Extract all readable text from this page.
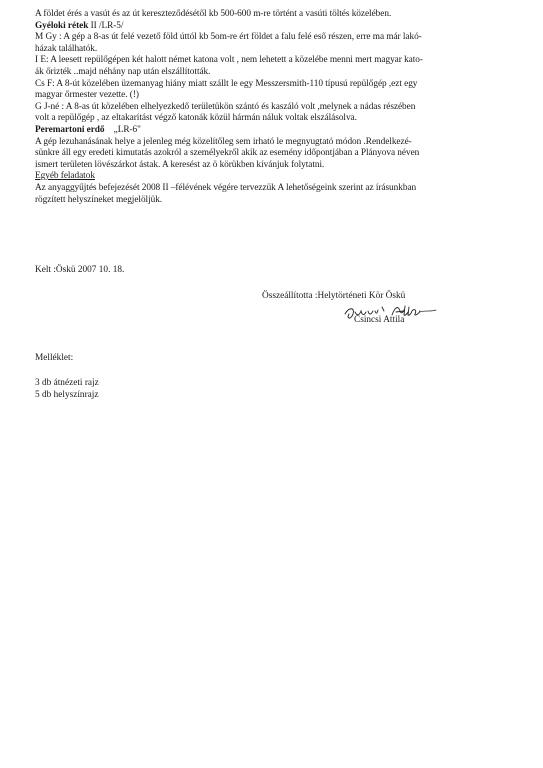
A földet érés a vasút és az út kereszteződésétől kb 500-600 m-re történt a vasúti töltés közelében.

Gyéloki rétek II /LR-5/

M Gy : A gép a 8-as út felé vezető föld úttól kb 5om-re ért földet a falu felé eső részen, erre ma már lakó-

házak találhatók.

I E: A leesett repülőgépen két halott német katona volt , nem lehetett a közelébe menni mert magyar kato-

ák őrizték ..majd néhány nap után elszállították.

Cs F: A 8-út közelében üzemanyag hiány miatt szállt le egy Messzersmith-110 típusú repülőgép ,ezt egy

magyar őrmester vezette. (!)

G J-né : A 8-as út közelében elhelyezkedő területükön szántó és kaszáló volt ,melynek a nádas részében

volt a repülőgép , az eltakarítást végző katonák közül hármán náluk voltak elszálásolva.

Peremartoni erdő    „LR-6"

A gép lezuhanásának helye a jelenleg még közelítőleg sem irható le megnyugtató módon .Rendelkezé-

sünkre áll egy eredeti kimutatás azokról a személyekről akik az esemény időpontjában a Plányova néven

ismert területen lövészárkot ástak. A keresést az ö körükben kívánjuk folytatni.

Egyéb feladatok

Az anyaggyűjtés befejezését 2008 II –félévének végére tervezzük A lehetőségeink szerint az írásunkban

rögzített helyszíneket megjelöljük.

Kelt :Öskü 2007 10. 18.
Összeállította :Helytörténeti Kör Öskü
Csincsi Attila
Melléklet:
3 db átnézeti rajz
5 db helyszínrajz
